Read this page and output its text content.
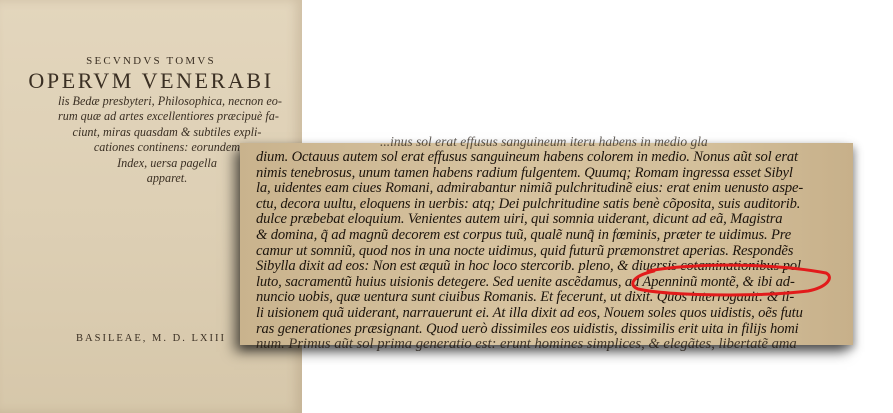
SECVNDVS TOMVS
OPERVM VENERABI
lis Bedæ presbyteri, Philosophica, necnon eo-
rum quæ ad artes excellentiores præcipuè fa-
ciunt, miras quasdam & subtiles expli-
cationes continens: eorundem
Index, uersa pagella
apparet.
BASILEAE, M. D. LXIII
...inus sol erat effusus sanguineum iteru habens in medio gla
dium. Octauus autem sol erat effusus sanguineum habens colorem in medio. Nonus aũt sol erat
nimis tenebrosus, unum tamen habens radium fulgentem. Quumq; Romam ingressa esset Sibyl
la, uidentes eam ciues Romani, admirabantur nimiã pulchritudinẽ eius: erat enim uenusto aspe-
ctu, decora uultu, eloquens in uerbis: atq; Dei pulchritudine satis benè cõposita, suis auditorib.
dulce præbebat eloquium. Venientes autem uiri, qui somnia uiderant, dicunt ad eã, Magistra
& domina, q̃ ad magnũ decorem est corpus tuũ, qualẽ nunq̃ in fœminis, præter te uidimus. Pre
camur ut somniũ, quod nos in una nocte uidimus, quid futurũ præmonstret aperias. Respondẽs
Sibylla dixit ad eos: Non est æquũ in hoc loco stercorib. pleno, & diuersis cotaminationibus pol
luto, sacramentũ huius uisionis detegere. Sed uenite ascẽdamus, ad Apenninũ montẽ, & ibi ad-
nuncio uobis, quæ uentura sunt ciuibus Romanis. Et fecerunt, ut dixit. Quos interrogauit: & il-
li uisionem quã uiderant, narrauerunt ei. At illa dixit ad eos, Nouem soles quos uidistis, oẽs futu
ras generationes præsignant. Quod uerò dissimiles eos uidistis, dissimilis erit uita in filijs homi
num. Primus aũt sol prima generatio est: erunt homines simplices, & elegãtes, libertatẽ ama
